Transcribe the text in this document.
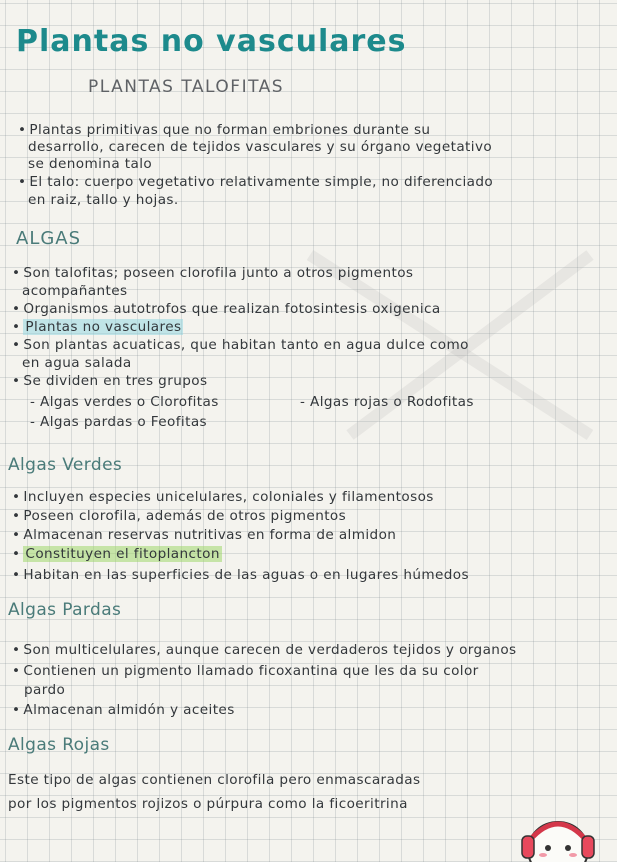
Plantas no vasculares
PLANTAS TALOFITAS
• Plantas primitivas que no forman embriones durante su
desarrollo, carecen de tejidos vasculares y su órgano vegetativo
se denomina talo
• El talo: cuerpo vegetativo relativamente simple, no diferenciado
en raiz, tallo y hojas.
ALGAS
• Son talofitas; poseen clorofila junto a otros pigmentos
acompañantes
• Organismos autotrofos que realizan fotosintesis oxigenica
• Plantas no vasculares
• Son plantas acuaticas, que habitan tanto en agua dulce como
en agua salada
• Se dividen en tres grupos
- Algas verdes o Clorofitas	- Algas rojas o Rodofitas
- Algas pardas o Feofitas
Algas Verdes
• Incluyen especies unicelulares, coloniales y filamentosos
• Poseen clorofila, además de otros pigmentos
• Almacenan reservas nutritivas en forma de almidon
• Constituyen el fitoplancton
• Habitan en las superficies de las aguas o en lugares húmedos
Algas Pardas
• Son multicelulares, aunque carecen de verdaderos tejidos y organos
• Contienen un pigmento llamado ficoxantina que les da su color
pardo
• Almacenan almidón y aceites
Algas Rojas
Este tipo de algas contienen clorofila pero enmascaradas
por los pigmentos rojizos o púrpura como la ficoeritrina
